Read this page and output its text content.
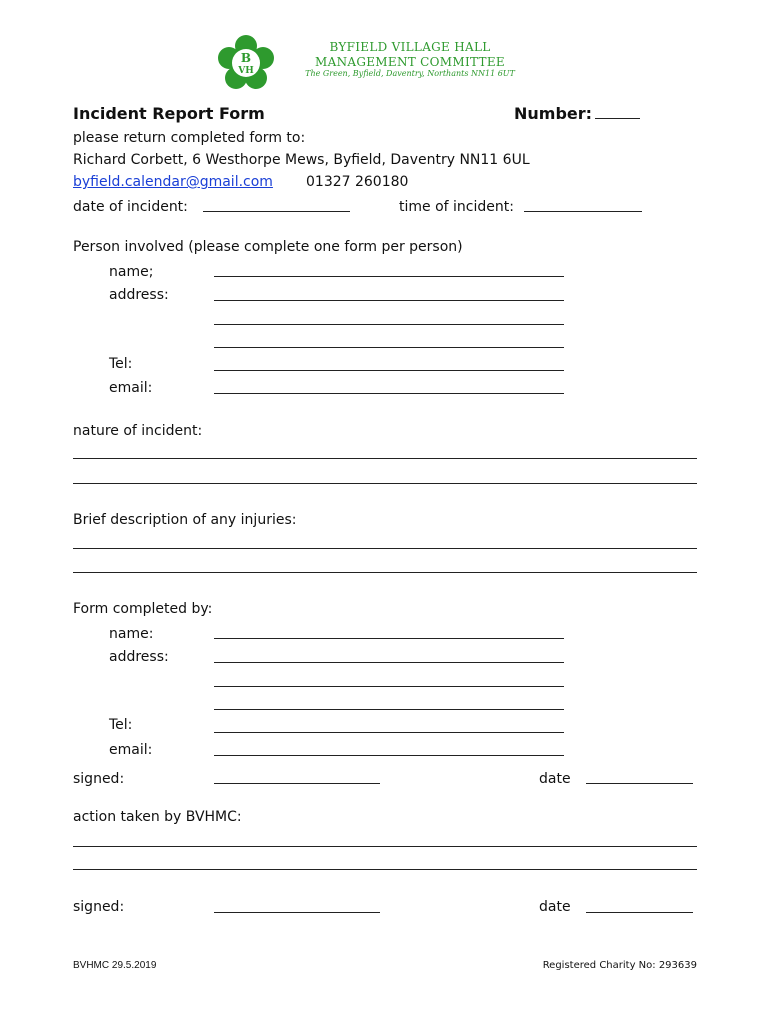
B
VH
BYFIELD VILLAGE HALL
MANAGEMENT COMMITTEE
The Green, Byfield, Daventry, Northants NN11 6UT
Incident Report Form	Number:
please return completed form to:
Richard Corbett, 6 Westhorpe Mews, Byfield, Daventry NN11 6UL
byfield.calendar@gmail.com 01327 260180
date of incident:	time of incident:
Person involved (please complete one form per person)
name;
address:
Tel:
email:
nature of incident:
Brief description of any injuries:
Form completed by:
name:
address:
Tel:
email:
signed:	date
action taken by BVHMC:
signed:	date
BVHMC 29.5.2019	Registered Charity No: 293639
